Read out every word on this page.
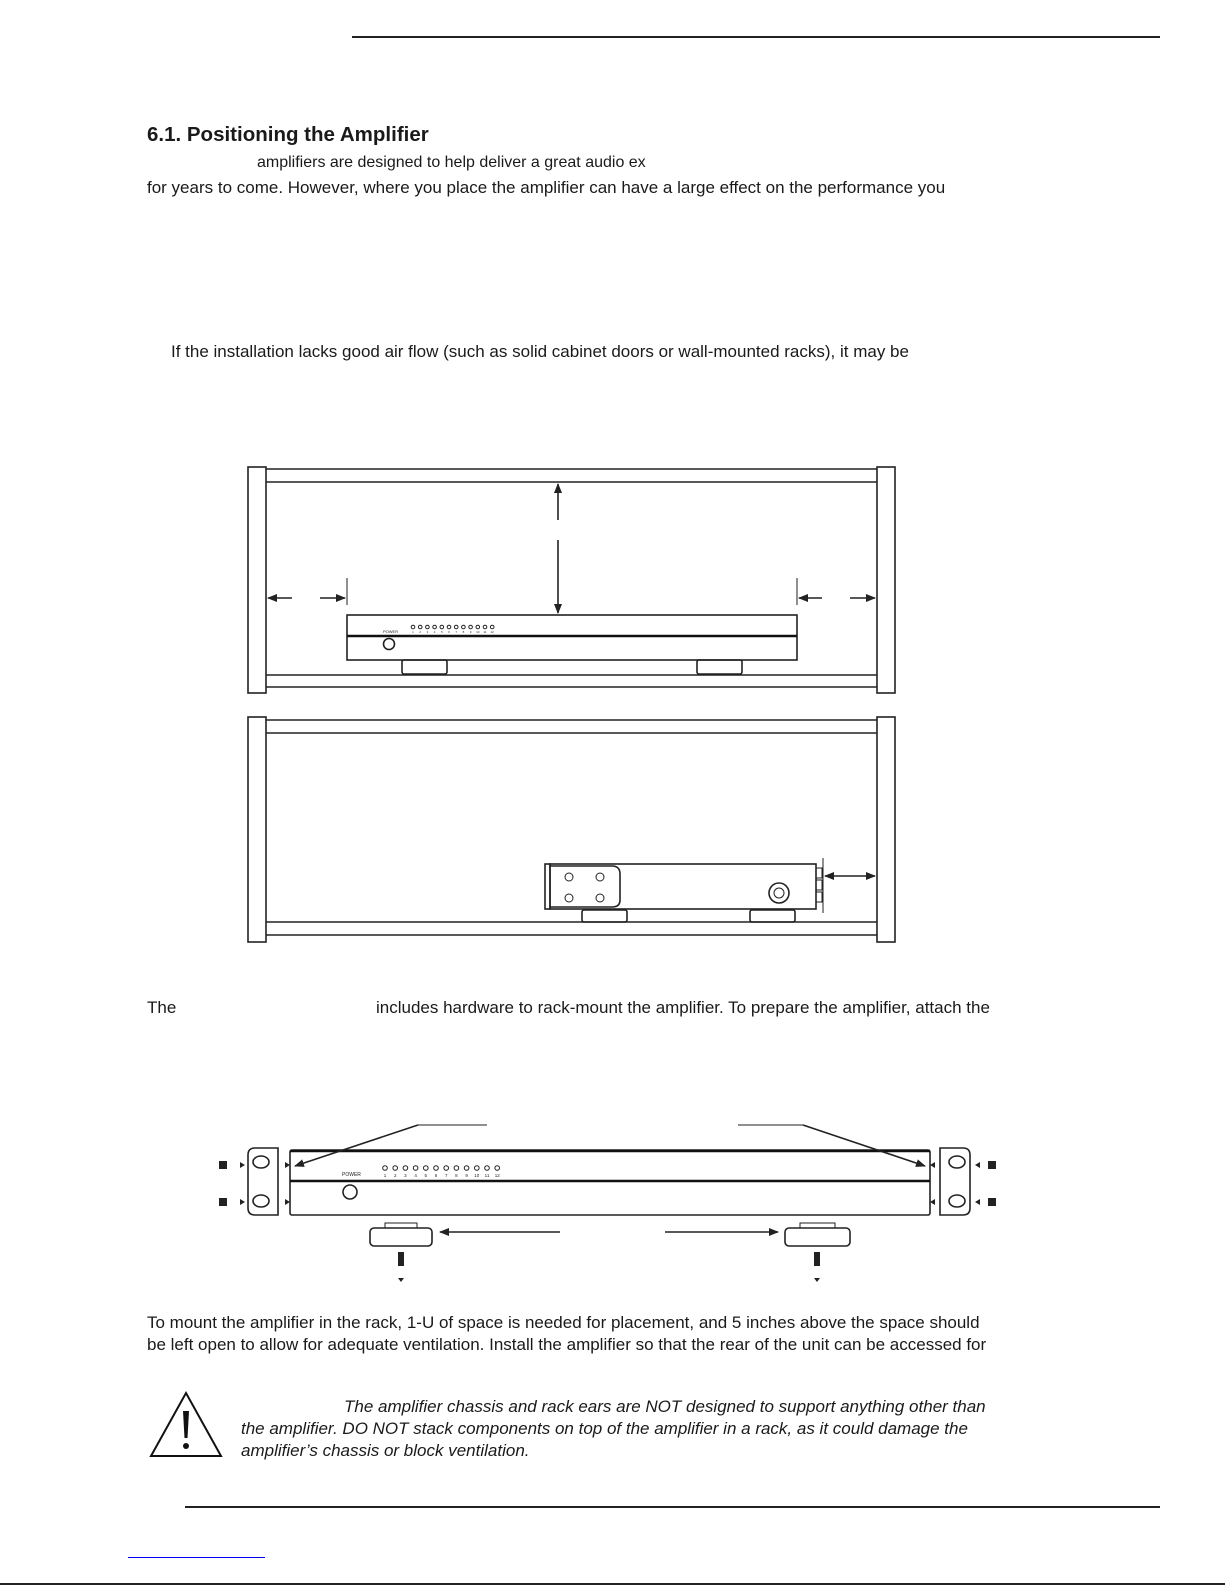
6.1. Positioning the Amplifier
amplifiers are designed to help deliver a great audio ex
for years to come. However, where you place the amplifier can have a large effect on the performance you
If the installation lacks good air flow (such as solid cabinet doors or wall-mounted racks), it may be
The	includes hardware to rack-mount the amplifier. To prepare the amplifier, attach the
To mount the amplifier in the rack, 1-U of space is needed for placement, and 5 inches above the space should
be left open to allow for adequate ventilation. Install the amplifier so that the rear of the unit can be accessed for
The amplifier chassis and rack ears are NOT designed to support anything other than
the amplifier. DO NOT stack components on top of the amplifier in a rack, as it could damage the
amplifier’s chassis or block ventilation.
POWER	1 2 3 4 5 6 7 8 9 10 11 12
POWER	1 2 3 4 5 6 7 8 9 10 11 12
